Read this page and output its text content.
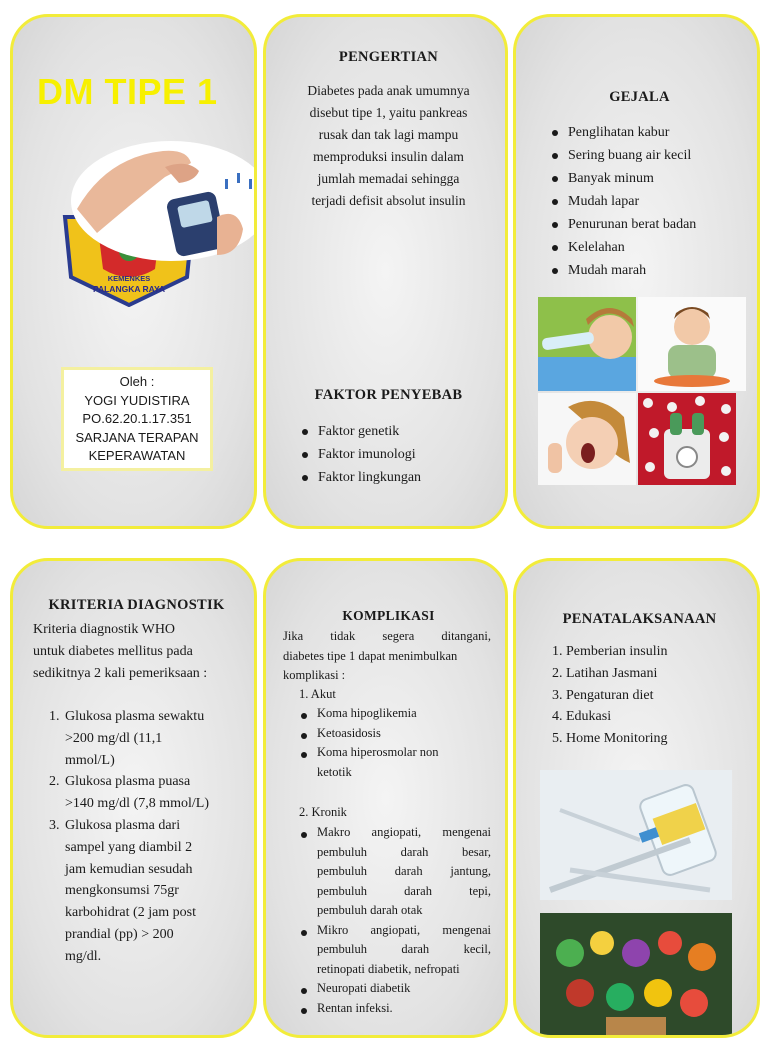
DM TIPE 1
KEMENKES
PALANGKA RAYA
Oleh :
YOGI YUDISTIRA
PO.62.20.1.17.351
SARJANA TERAPAN
KEPERAWATAN
PENGERTIAN
Diabetes pada anak umumnya
disebut tipe 1, yaitu pankreas
rusak dan tak lagi mampu
memproduksi insulin dalam
jumlah memadai sehingga
terjadi defisit absolut insulin
FAKTOR PENYEBAB
Faktor genetik
Faktor imunologi
Faktor lingkungan
GEJALA
Penglihatan kabur
Sering buang air kecil
Banyak minum
Mudah lapar
Penurunan berat badan
Kelelahan
Mudah marah
KRITERIA DIAGNOSTIK
Kriteria diagnostik WHO
untuk diabetes mellitus pada
sedikitnya 2 kali pemeriksaan :
1. Glukosa plasma sewaktu
>200 mg/dl (11,1
mmol/L)
2. Glukosa plasma puasa
>140 mg/dl (7,8 mmol/L)
3. Glukosa plasma dari
sampel yang diambil 2
jam kemudian sesudah
mengkonsumsi 75gr
karbohidrat (2 jam post
prandial (pp) > 200
mg/dl.
KOMPLIKASI
Jika tidak segera ditangani,
diabetes tipe 1 dapat menimbulkan
komplikasi :
1. Akut
Koma hipoglikemia
Ketoasidosis
Koma hiperosmolar non
ketotik
2. Kronik
Makro angiopati, mengenai
pembuluh darah besar,
pembuluh darah jantung,
pembuluh darah tepi,
pembuluh darah otak
Mikro angiopati, mengenai
pembuluh darah kecil,
retinopati diabetik, nefropati
Neuropati diabetik
Rentan infeksi.
PENATALAKSANAAN
1. Pemberian insulin
2. Latihan Jasmani
3. Pengaturan diet
4. Edukasi
5. Home Monitoring
